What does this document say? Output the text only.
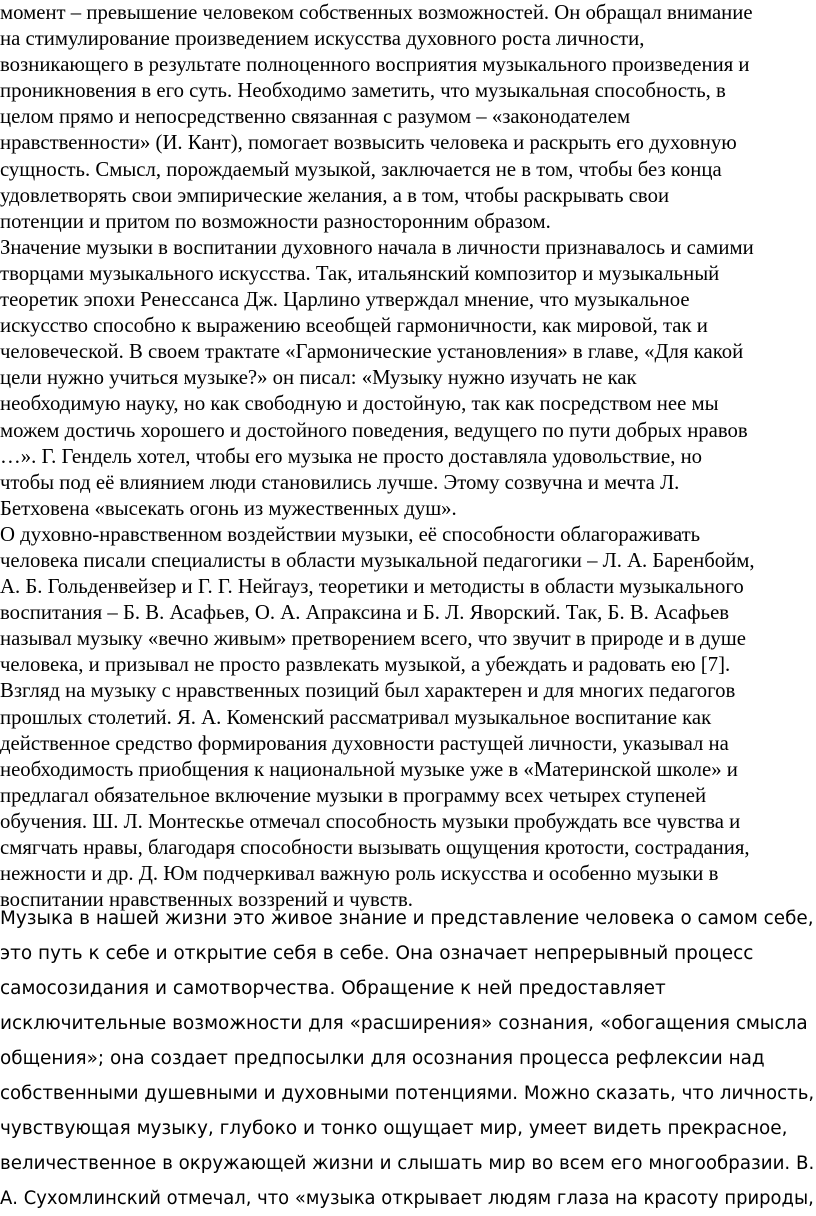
момент – превышение человеком собственных возможностей. Он обращал внимание
на стимулирование произведением искусства духовного роста личности,
возникающего в результате полноценного восприятия музыкального произведения и
проникновения в его суть. Необходимо заметить, что музыкальная способность, в
целом прямо и непосредственно связанная с разумом – «законодателем
нравственности» (И. Кант), помогает возвысить человека и раскрыть его духовную
сущность. Смысл, порождаемый музыкой, заключается не в том, чтобы без конца
удовлетворять свои эмпирические желания, а в том, чтобы раскрывать свои
потенции и притом по возможности разносторонним образом.

Значение музыки в воспитании духовного начала в личности признавалось и самими
творцами музыкального искусства. Так, итальянский композитор и музыкальный
теоретик эпохи Ренессанса Дж. Царлино утверждал мнение, что музыкальное
искусство способно к выражению всеобщей гармоничности, как мировой, так и
человеческой. В своем трактате «Гармонические установления» в главе, «Для какой
цели нужно учиться музыке?» он писал: «Музыку нужно изучать не как
необходимую науку, но как свободную и достойную, так как посредством нее мы
можем достичь хорошего и достойного поведения, ведущего по пути добрых нравов
…». Г. Гендель хотел, чтобы его музыка не просто доставляла удовольствие, но
чтобы под её влиянием люди становились лучше. Этому созвучна и мечта Л.
Бетховена «высекать огонь из мужественных душ».

О духовно-нравственном воздействии музыки, её способности облагораживать
человека писали специалисты в области музыкальной педагогики – Л. А. Баренбойм,
А. Б. Гольденвейзер и Г. Г. Нейгауз, теоретики и методисты в области музыкального
воспитания – Б. В. Асафьев, О. А. Апраксина и Б. Л. Яворский. Так, Б. В. Асафьев
называл музыку «вечно живым» претворением всего, что звучит в природе и в душе
человека, и призывал не просто развлекать музыкой, а убеждать и радовать ею [7].
Взгляд на музыку с нравственных позиций был характерен и для многих педагогов
прошлых столетий. Я. А. Коменский рассматривал музыкальное воспитание как
действенное средство формирования духовности растущей личности, указывал на
необходимость приобщения к национальной музыке уже в «Материнской школе» и
предлагал обязательное включение музыки в программу всех четырех ступеней
обучения. Ш. Л. Монтескье отмечал способность музыки пробуждать все чувства и
смягчать нравы, благодаря способности вызывать ощущения кротости, сострадания,
нежности и др. Д. Юм подчеркивал важную роль искусства и особенно музыки в
воспитании нравственных воззрений и чувств.

Музыка в нашей жизни это живое знание и представление человека о самом себе,
это путь к себе и открытие себя в себе. Она означает непрерывный процесс
самосозидания и самотворчества. Обращение к ней предоставляет
исключительные возможности для «расширения» сознания, «обогащения смысла
общения»; она создает предпосылки для осознания процесса рефлексии над
собственными душевными и духовными потенциями. Можно сказать, что личность,
чувствующая музыку, глубоко и тонко ощущает мир, умеет видеть прекрасное,
величественное в окружающей жизни и слышать мир во всем его многообразии. В.
А. Сухомлинский отмечал, что «музыка открывает людям глаза на красоту природы,
